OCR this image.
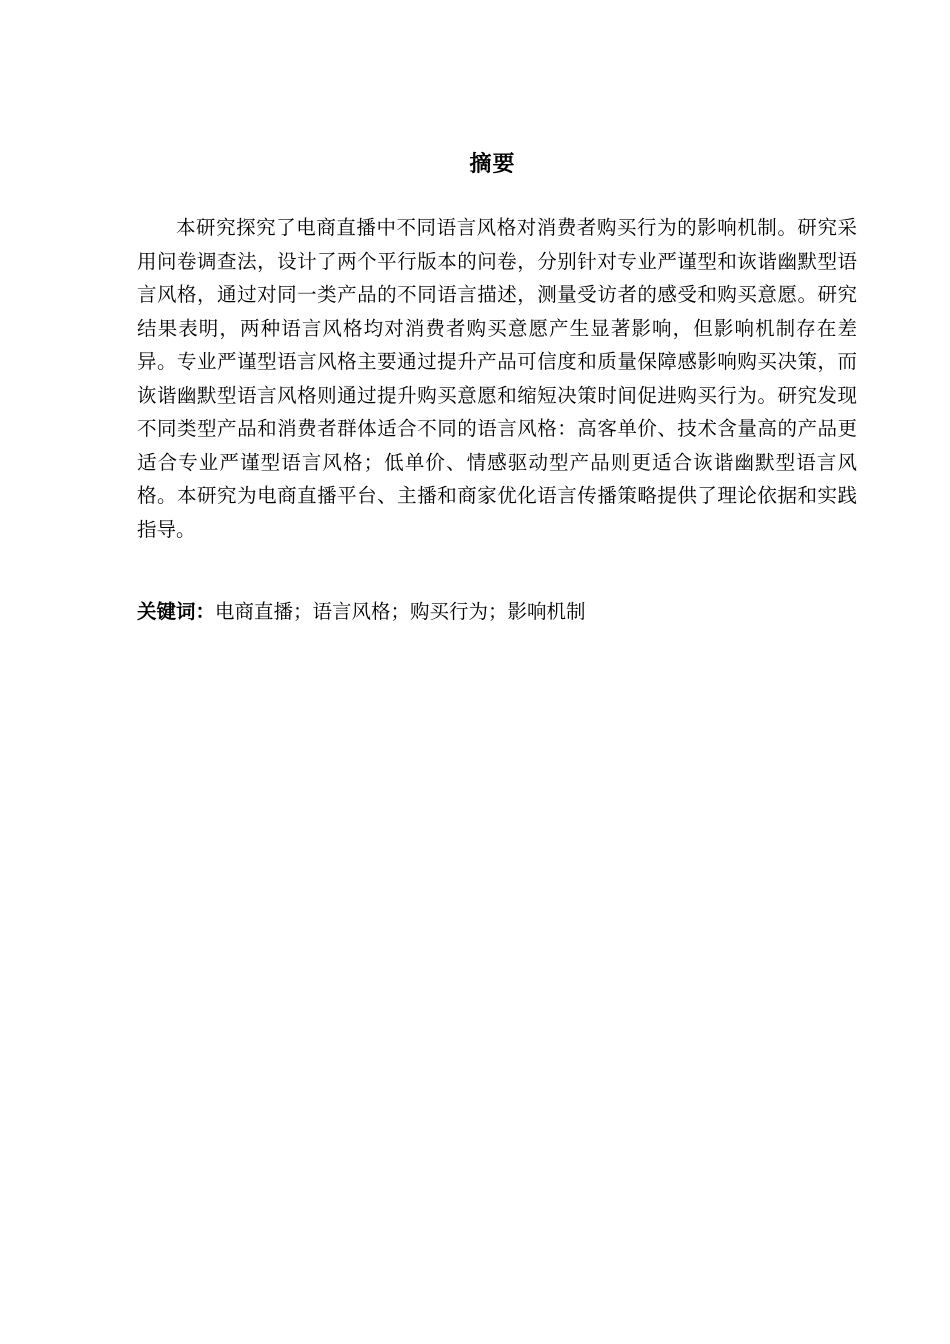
摘要

本研究探究了电商直播中不同语言风格对消费者购买行为的影响机制。研究采用问卷调查法，设计了两个平行版本的问卷，分别针对专业严谨型和诙谐幽默型语言风格，通过对同一类产品的不同语言描述，测量受访者的感受和购买意愿。研究结果表明，两种语言风格均对消费者购买意愿产生显著影响，但影响机制存在差异。专业严谨型语言风格主要通过提升产品可信度和质量保障感影响购买决策，而诙谐幽默型语言风格则通过提升购买意愿和缩短决策时间促进购买行为。研究发现不同类型产品和消费者群体适合不同的语言风格：高客单价、技术含量高的产品更适合专业严谨型语言风格；低单价、情感驱动型产品则更适合诙谐幽默型语言风格。本研究为电商直播平台、主播和商家优化语言传播策略提供了理论依据和实践指导。

关键词：电商直播；语言风格；购买行为；影响机制
